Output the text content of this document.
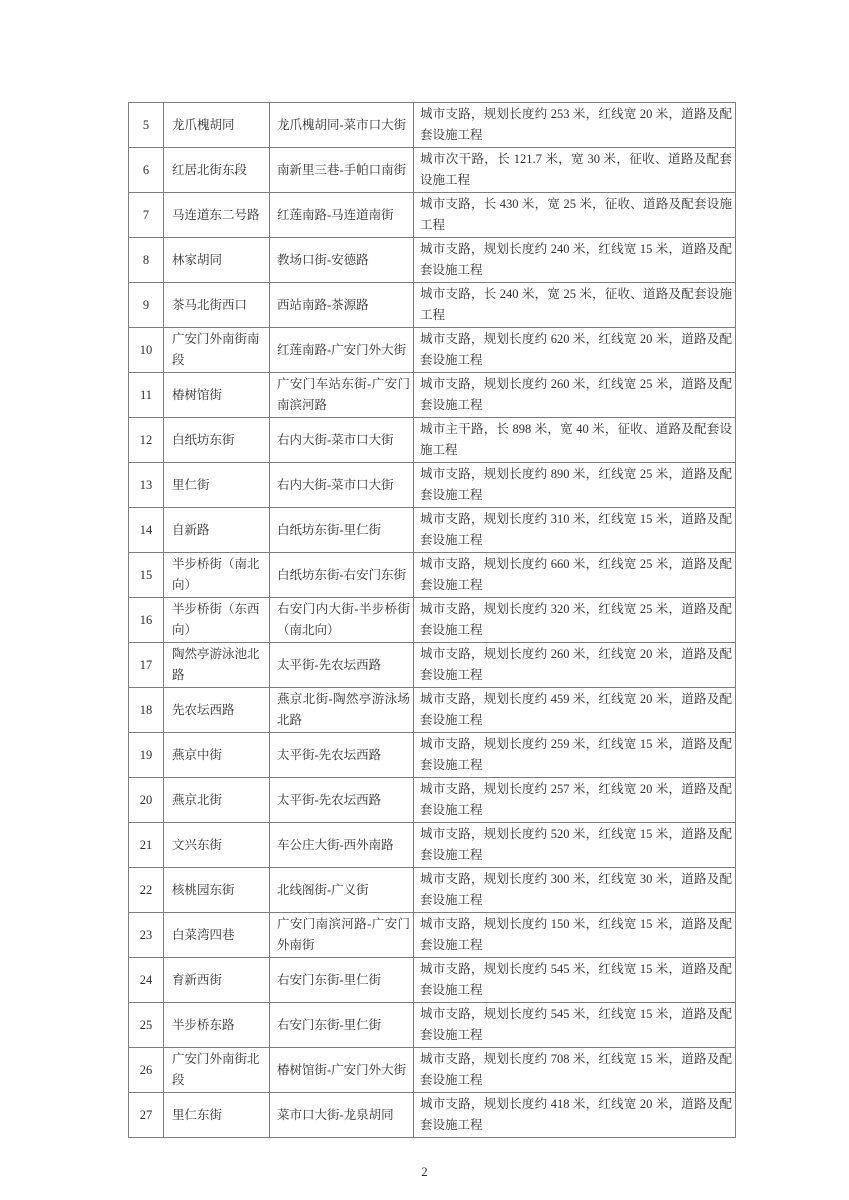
5	龙爪槐胡同	龙爪槐胡同-菜市口大街	城市支路，规划长度约 253 米，红线宽 20 米，道路及配套设施工程
6	红居北街东段	南新里三巷-手帕口南街	城市次干路，长 121.7 米，宽 30 米，征收、道路及配套设施工程
7	马连道东二号路	红莲南路-马连道南街	城市支路，长 430 米，宽 25 米，征收、道路及配套设施工程
8	林家胡同	教场口街-安德路	城市支路，规划长度约 240 米，红线宽 15 米，道路及配套设施工程
9	茶马北街西口	西站南路-茶源路	城市支路，长 240 米，宽 25 米，征收、道路及配套设施工程
10	广安门外南街南段	红莲南路-广安门外大街	城市支路，规划长度约 620 米，红线宽 20 米，道路及配套设施工程
11	椿树馆街	广安门车站东街-广安门南滨河路	城市支路，规划长度约 260 米，红线宽 25 米，道路及配套设施工程
12	白纸坊东街	右内大街-菜市口大街	城市主干路，长 898 米，宽 40 米，征收、道路及配套设施工程
13	里仁街	右内大街-菜市口大街	城市支路，规划长度约 890 米，红线宽 25 米，道路及配套设施工程
14	自新路	白纸坊东街-里仁街	城市支路，规划长度约 310 米，红线宽 15 米，道路及配套设施工程
15	半步桥街（南北向）	白纸坊东街-右安门东街	城市支路，规划长度约 660 米，红线宽 25 米，道路及配套设施工程
16	半步桥街（东西向）	右安门内大街-半步桥街（南北向）	城市支路，规划长度约 320 米，红线宽 25 米，道路及配套设施工程
17	陶然亭游泳池北路	太平街-先农坛西路	城市支路，规划长度约 260 米，红线宽 20 米，道路及配套设施工程
18	先农坛西路	燕京北街-陶然亭游泳场北路	城市支路，规划长度约 459 米，红线宽 20 米，道路及配套设施工程
19	燕京中街	太平街-先农坛西路	城市支路，规划长度约 259 米，红线宽 15 米，道路及配套设施工程
20	燕京北街	太平街-先农坛西路	城市支路，规划长度约 257 米，红线宽 20 米，道路及配套设施工程
21	文兴东街	车公庄大街-西外南路	城市支路，规划长度约 520 米，红线宽 15 米，道路及配套设施工程
22	核桃园东街	北线阁街-广义街	城市支路，规划长度约 300 米，红线宽 30 米，道路及配套设施工程
23	白菜湾四巷	广安门南滨河路-广安门外南街	城市支路，规划长度约 150 米，红线宽 15 米，道路及配套设施工程
24	育新西街	右安门东街-里仁街	城市支路，规划长度约 545 米，红线宽 15 米，道路及配套设施工程
25	半步桥东路	右安门东街-里仁街	城市支路，规划长度约 545 米，红线宽 15 米，道路及配套设施工程
26	广安门外南街北段	椿树馆街-广安门外大街	城市支路，规划长度约 708 米，红线宽 15 米，道路及配套设施工程
27	里仁东街	菜市口大街-龙泉胡同	城市支路，规划长度约 418 米，红线宽 20 米，道路及配套设施工程
2
